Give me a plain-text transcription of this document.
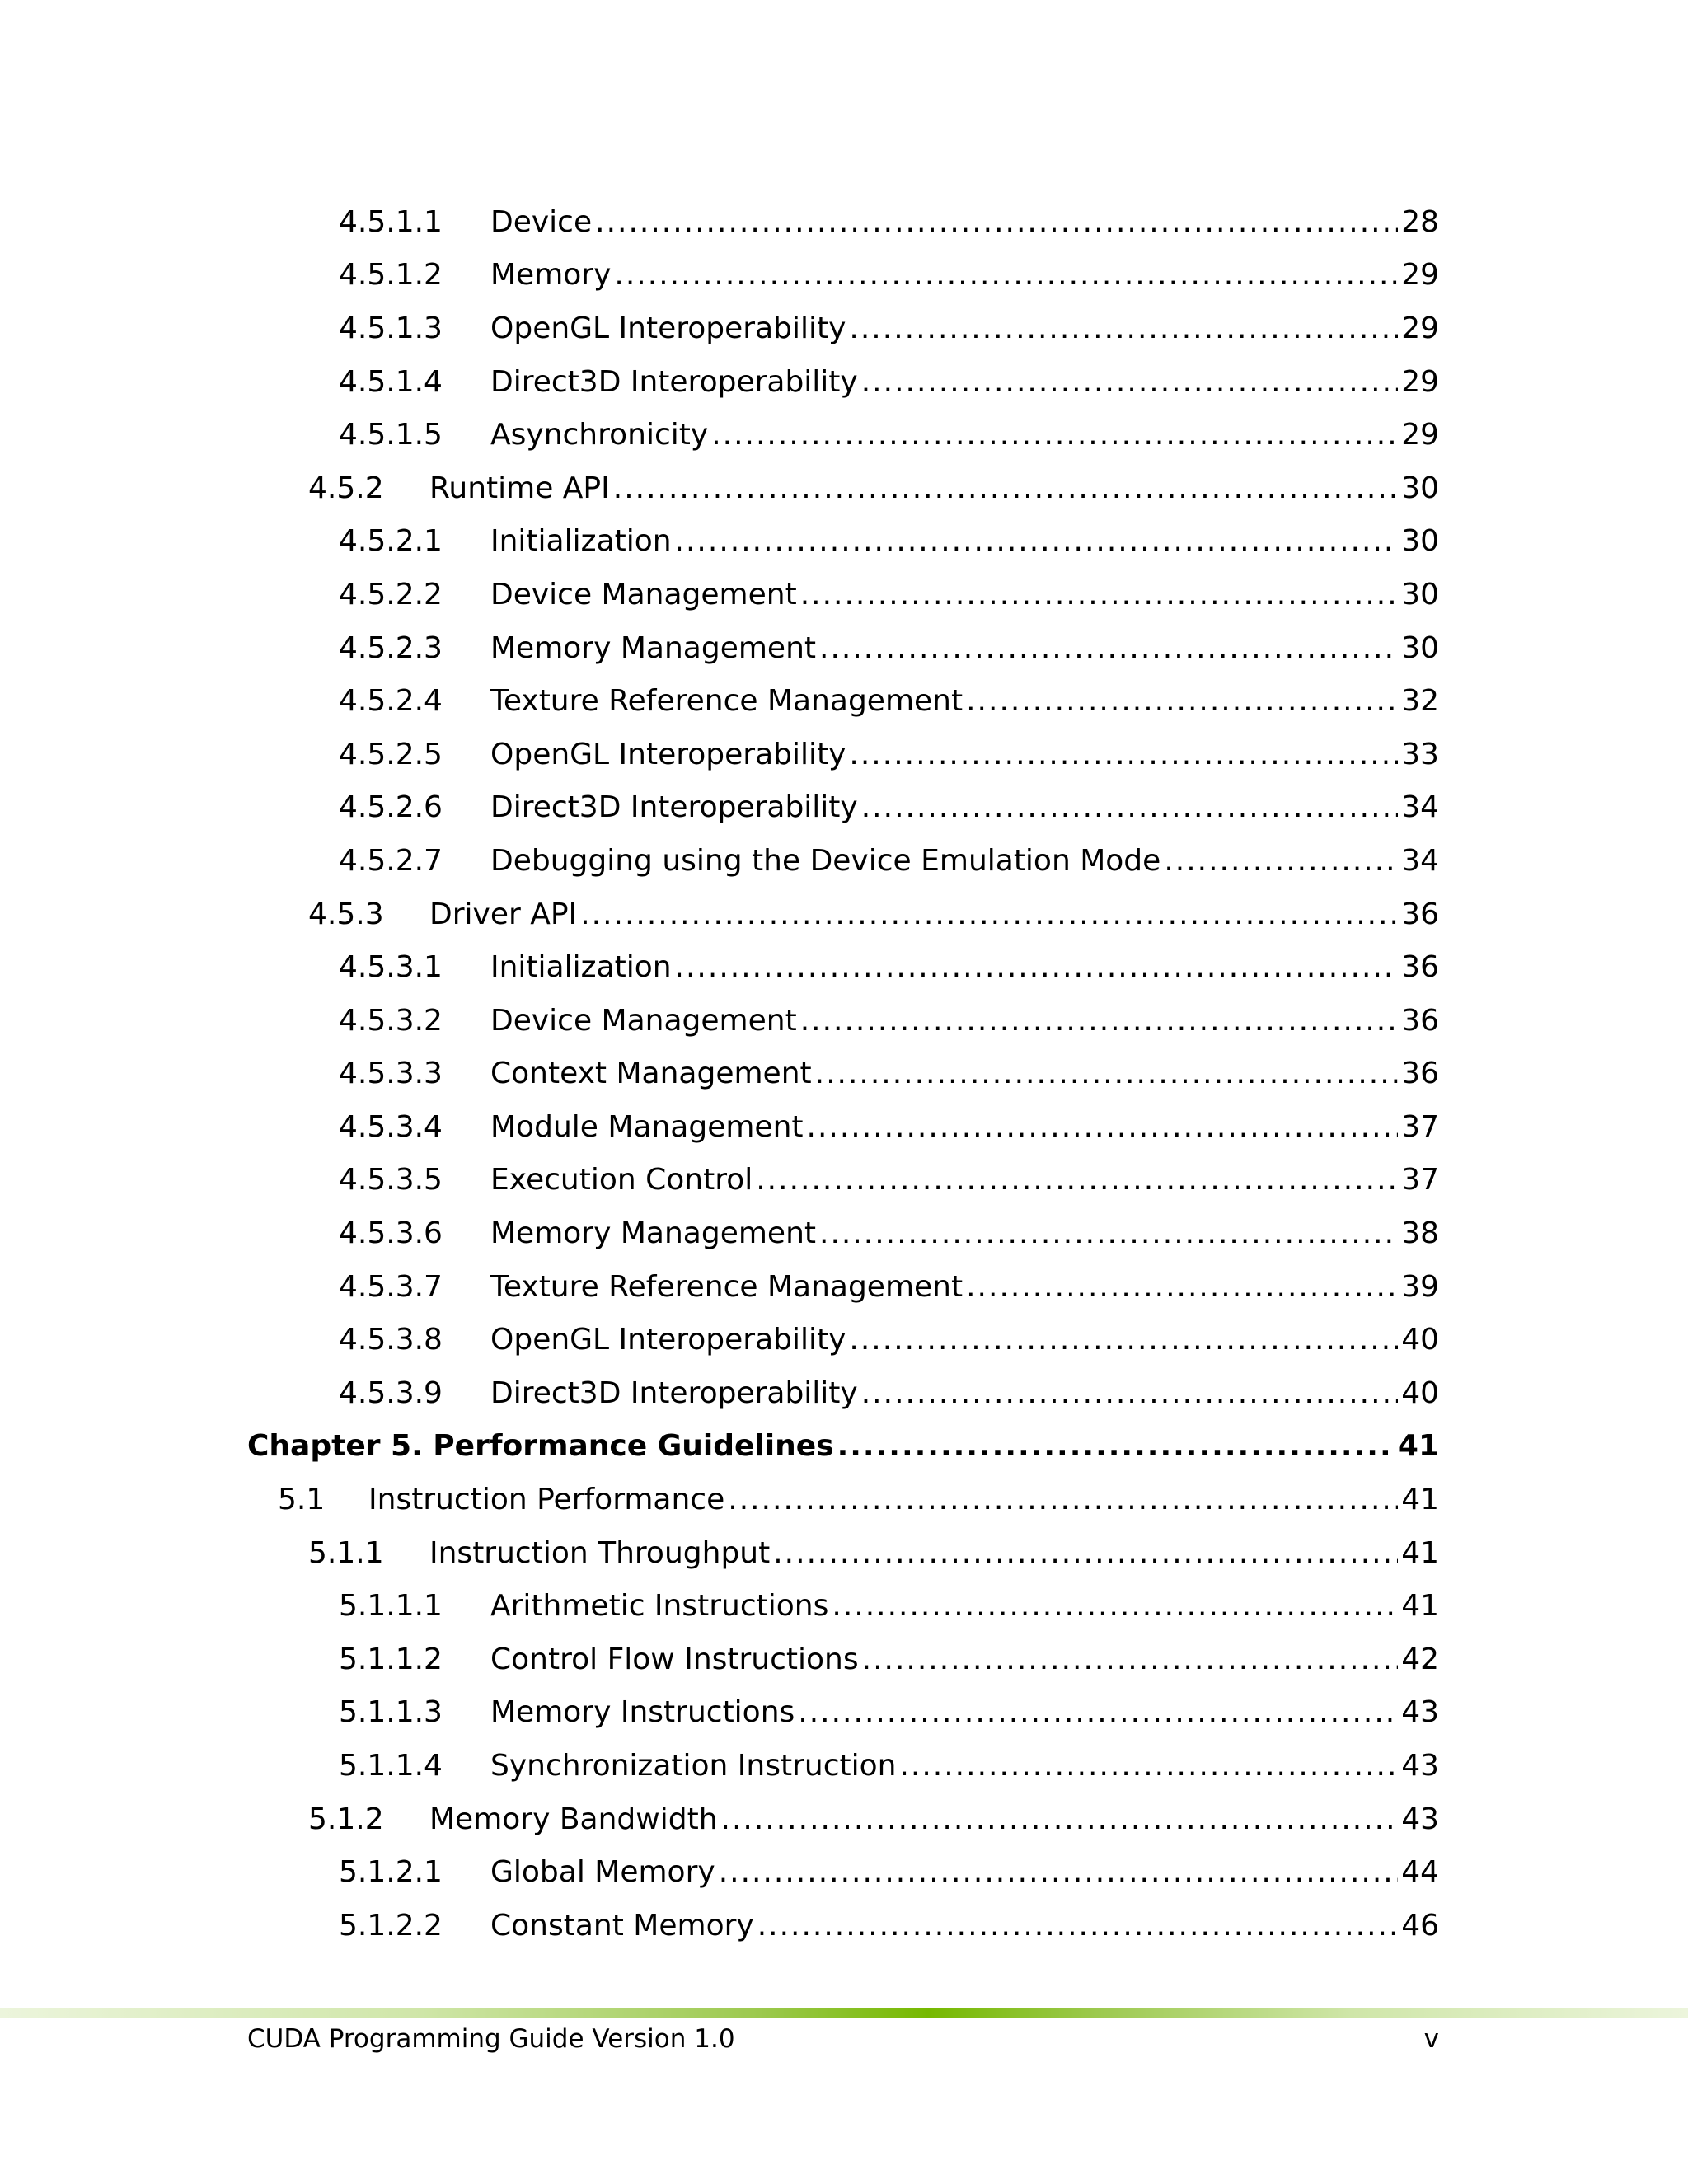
4.5.1.1 Device .....	28
4.5.1.2 Memory .....	29
4.5.1.3 OpenGL Interoperability .....	29
4.5.1.4 Direct3D Interoperability .....	29
4.5.1.5 Asynchronicity .....	29
4.5.2 Runtime API .....	30
4.5.2.1 Initialization .....	30
4.5.2.2 Device Management .....	30
4.5.2.3 Memory Management .....	30
4.5.2.4 Texture Reference Management .....	32
4.5.2.5 OpenGL Interoperability .....	33
4.5.2.6 Direct3D Interoperability .....	34
4.5.2.7 Debugging using the Device Emulation Mode .....	34
4.5.3 Driver API .....	36
4.5.3.1 Initialization .....	36
4.5.3.2 Device Management .....	36
4.5.3.3 Context Management .....	36
4.5.3.4 Module Management .....	37
4.5.3.5 Execution Control .....	37
4.5.3.6 Memory Management .....	38
4.5.3.7 Texture Reference Management .....	39
4.5.3.8 OpenGL Interoperability .....	40
4.5.3.9 Direct3D Interoperability .....	40
Chapter 5. Performance Guidelines .....	41
5.1 Instruction Performance .....	41
5.1.1 Instruction Throughput .....	41
5.1.1.1 Arithmetic Instructions .....	41
5.1.1.2 Control Flow Instructions .....	42
5.1.1.3 Memory Instructions .....	43
5.1.1.4 Synchronization Instruction .....	43
5.1.2 Memory Bandwidth .....	43
5.1.2.1 Global Memory .....	44
5.1.2.2 Constant Memory .....	46
CUDA Programming Guide Version 1.0	v
